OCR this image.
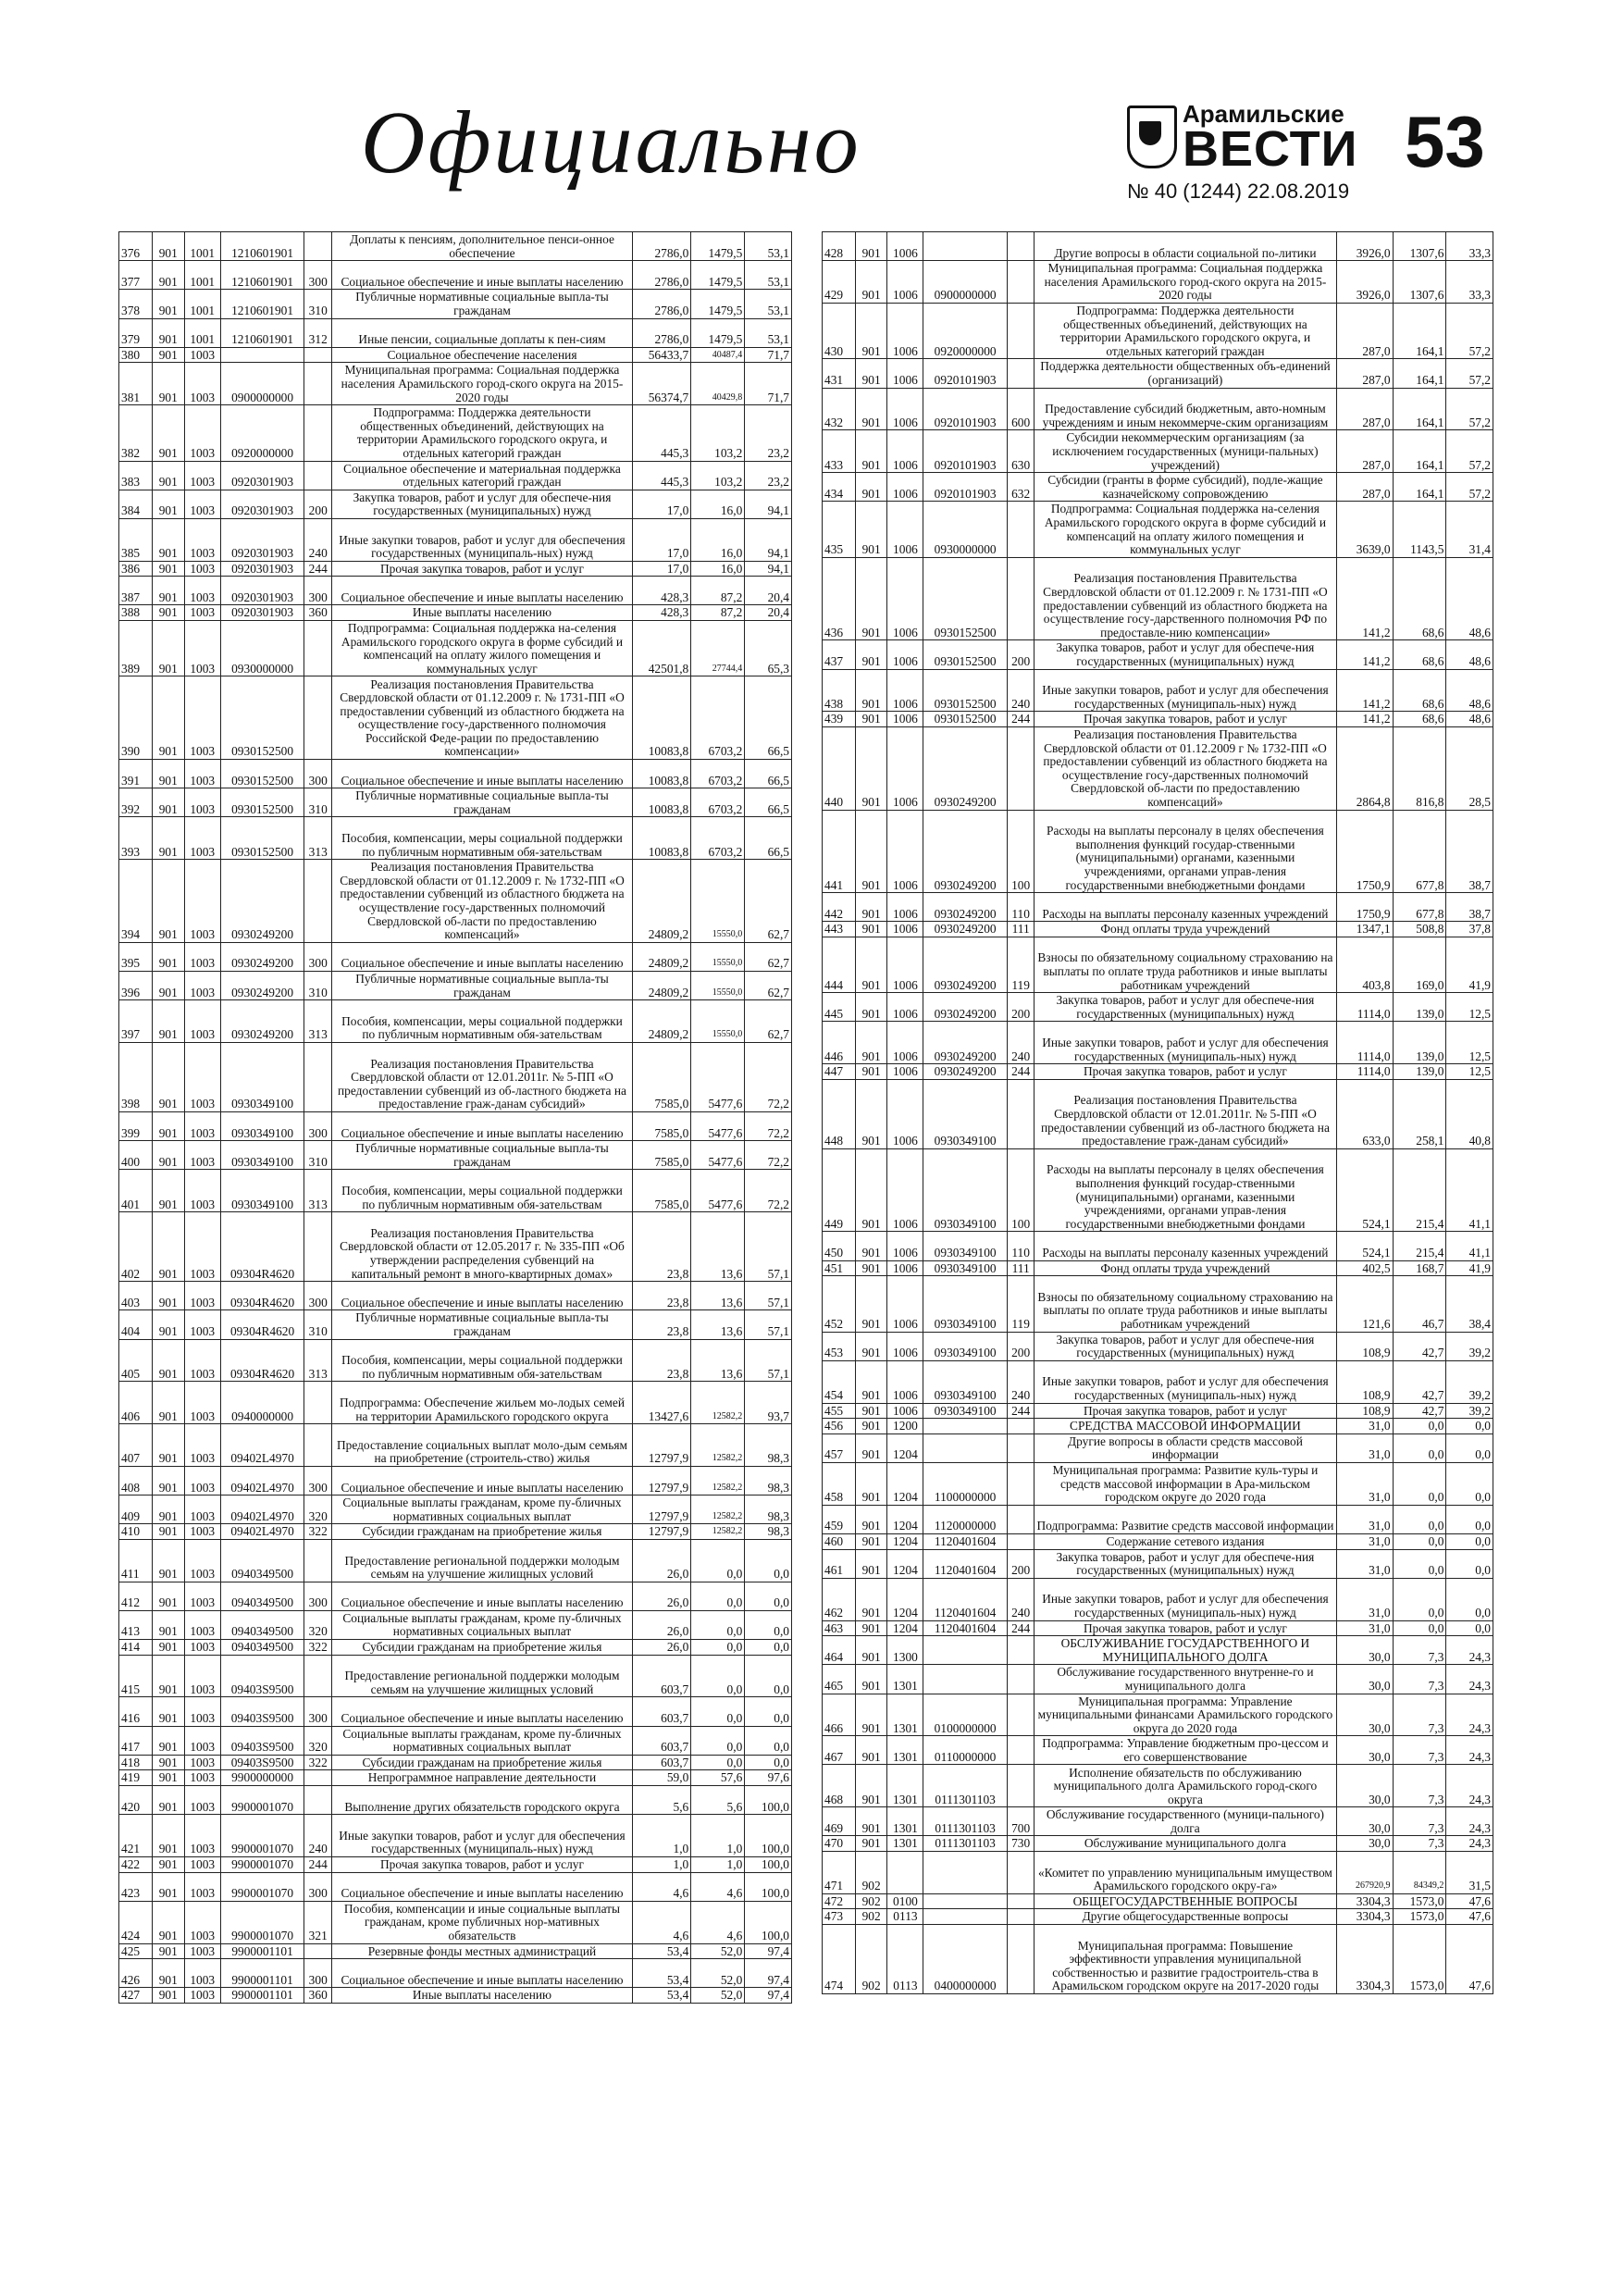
Официально	Арамильские
ВЕСТИ 53
№ 40 (1244) 22.08.2019
376	901	1001	1210601901		Доплаты к пенсиям, дополнительное пенси-онное обеспечение	2786,0	1479,5	53,1
377	901	1001	1210601901	300	Социальное обеспечение и иные выплаты населению	2786,0	1479,5	53,1
378	901	1001	1210601901	310	Публичные нормативные социальные выпла-ты гражданам	2786,0	1479,5	53,1
379	901	1001	1210601901	312	Иные пенсии, социальные доплаты к пен-сиям	2786,0	1479,5	53,1
380	901	1003			Социальное обеспечение населения	56433,7	40487,4	71,7
381	901	1003	0900000000		Муниципальная программа: Социальная поддержка населения Арамильского город-ского округа на 2015-2020 годы	56374,7	40429,8	71,7
382	901	1003	0920000000		Подпрограмма: Поддержка деятельности общественных объединений, действующих на территории Арамильского городского округа, и отдельных категорий граждан	445,3	103,2	23,2
383	901	1003	0920301903		Социальное обеспечение и материальная поддержка отдельных категорий граждан	445,3	103,2	23,2
384	901	1003	0920301903	200	Закупка товаров, работ и услуг для обеспече-ния государственных (муниципальных) нужд	17,0	16,0	94,1
385	901	1003	0920301903	240	Иные закупки товаров, работ и услуг для обеспечения государственных (муниципаль-ных) нужд	17,0	16,0	94,1
386	901	1003	0920301903	244	Прочая закупка товаров, работ и услуг	17,0	16,0	94,1
387	901	1003	0920301903	300	Социальное обеспечение и иные выплаты населению	428,3	87,2	20,4
388	901	1003	0920301903	360	Иные выплаты населению	428,3	87,2	20,4
389	901	1003	0930000000		Подпрограмма: Социальная поддержка на-селения Арамильского городского округа в форме субсидий и компенсаций на оплату жилого помещения и коммунальных услуг	42501,8	27744,4	65,3
390	901	1003	0930152500		Реализация постановления Правительства Свердловской области от 01.12.2009 г. № 1731-ПП «О предоставлении субвенций из областного бюджета на осуществление госу-дарственного полномочия Российской Феде-рации по предоставлению компенсации»	10083,8	6703,2	66,5
391	901	1003	0930152500	300	Социальное обеспечение и иные выплаты населению	10083,8	6703,2	66,5
392	901	1003	0930152500	310	Публичные нормативные социальные выпла-ты гражданам	10083,8	6703,2	66,5
393	901	1003	0930152500	313	Пособия, компенсации, меры социальной поддержки по публичным нормативным обя-зательствам	10083,8	6703,2	66,5
394	901	1003	0930249200		Реализация постановления Правительства Свердловской области от 01.12.2009 г. № 1732-ПП «О предоставлении субвенций из областного бюджета на осуществление госу-дарственных полномочий Свердловской об-ласти по предоставлению компенсаций»	24809,2	15550,0	62,7
395	901	1003	0930249200	300	Социальное обеспечение и иные выплаты населению	24809,2	15550,0	62,7
396	901	1003	0930249200	310	Публичные нормативные социальные выпла-ты гражданам	24809,2	15550,0	62,7
397	901	1003	0930249200	313	Пособия, компенсации, меры социальной поддержки по публичным нормативным обя-зательствам	24809,2	15550,0	62,7
398	901	1003	0930349100		Реализация постановления Правительства Свердловской области от 12.01.2011г. № 5-ПП «О предоставлении субвенций из об-ластного бюджета на предоставление граж-данам субсидий»	7585,0	5477,6	72,2
399	901	1003	0930349100	300	Социальное обеспечение и иные выплаты населению	7585,0	5477,6	72,2
400	901	1003	0930349100	310	Публичные нормативные социальные выпла-ты гражданам	7585,0	5477,6	72,2
401	901	1003	0930349100	313	Пособия, компенсации, меры социальной поддержки по публичным нормативным обя-зательствам	7585,0	5477,6	72,2
402	901	1003	09304R4620		Реализация постановления Правительства Свердловской области от 12.05.2017 г. № 335-ПП «Об утверждении распределения субвенций на капитальный ремонт в много-квартирных домах»	23,8	13,6	57,1
403	901	1003	09304R4620	300	Социальное обеспечение и иные выплаты населению	23,8	13,6	57,1
404	901	1003	09304R4620	310	Публичные нормативные социальные выпла-ты гражданам	23,8	13,6	57,1
405	901	1003	09304R4620	313	Пособия, компенсации, меры социальной поддержки по публичным нормативным обя-зательствам	23,8	13,6	57,1
406	901	1003	0940000000		Подпрограмма: Обеспечение жильем мо-лодых семей на территории Арамильского городского округа	13427,6	12582,2	93,7
407	901	1003	09402L4970		Предоставление социальных выплат моло-дым семьям на приобретение (строитель-ство) жилья	12797,9	12582,2	98,3
408	901	1003	09402L4970	300	Социальное обеспечение и иные выплаты населению	12797,9	12582,2	98,3
409	901	1003	09402L4970	320	Социальные выплаты гражданам, кроме пу-бличных нормативных социальных выплат	12797,9	12582,2	98,3
410	901	1003	09402L4970	322	Субсидии гражданам на приобретение жилья	12797,9	12582,2	98,3
411	901	1003	0940349500		Предоставление региональной поддержки молодым семьям на улучшение жилищных условий	26,0	0,0	0,0
412	901	1003	0940349500	300	Социальное обеспечение и иные выплаты населению	26,0	0,0	0,0
413	901	1003	0940349500	320	Социальные выплаты гражданам, кроме пу-бличных нормативных социальных выплат	26,0	0,0	0,0
414	901	1003	0940349500	322	Субсидии гражданам на приобретение жилья	26,0	0,0	0,0
415	901	1003	09403S9500		Предоставление региональной поддержки молодым семьям на улучшение жилищных условий	603,7	0,0	0,0
416	901	1003	09403S9500	300	Социальное обеспечение и иные выплаты населению	603,7	0,0	0,0
417	901	1003	09403S9500	320	Социальные выплаты гражданам, кроме пу-бличных нормативных социальных выплат	603,7	0,0	0,0
418	901	1003	09403S9500	322	Субсидии гражданам на приобретение жилья	603,7	0,0	0,0
419	901	1003	9900000000		Непрограммное направление деятельности	59,0	57,6	97,6
420	901	1003	9900001070		Выполнение других обязательств городского округа	5,6	5,6	100,0
421	901	1003	9900001070	240	Иные закупки товаров, работ и услуг для обеспечения государственных (муниципаль-ных) нужд	1,0	1,0	100,0
422	901	1003	9900001070	244	Прочая закупка товаров, работ и услуг	1,0	1,0	100,0
423	901	1003	9900001070	300	Социальное обеспечение и иные выплаты населению	4,6	4,6	100,0
424	901	1003	9900001070	321	Пособия, компенсации и иные социальные выплаты гражданам, кроме публичных нор-мативных обязательств	4,6	4,6	100,0
425	901	1003	9900001101		Резервные фонды местных администраций	53,4	52,0	97,4
426	901	1003	9900001101	300	Социальное обеспечение и иные выплаты населению	53,4	52,0	97,4
427	901	1003	9900001101	360	Иные выплаты населению	53,4	52,0	97,4
428	901	1006			Другие вопросы в области социальной по-литики	3926,0	1307,6	33,3
429	901	1006	0900000000		Муниципальная программа: Социальная поддержка населения Арамильского город-ского округа на 2015-2020 годы	3926,0	1307,6	33,3
430	901	1006	0920000000		Подпрограмма: Поддержка деятельности общественных объединений, действующих на территории Арамильского городского округа, и отдельных категорий граждан	287,0	164,1	57,2
431	901	1006	0920101903		Поддержка деятельности общественных объ-единений (организаций)	287,0	164,1	57,2
432	901	1006	0920101903	600	Предоставление субсидий бюджетным, авто-номным учреждениям и иным некоммерче-ским организациям	287,0	164,1	57,2
433	901	1006	0920101903	630	Субсидии некоммерческим организациям (за исключением государственных (муници-пальных) учреждений)	287,0	164,1	57,2
434	901	1006	0920101903	632	Субсидии (гранты в форме субсидий), подле-жащие казначейскому сопровождению	287,0	164,1	57,2
435	901	1006	0930000000		Подпрограмма: Социальная поддержка на-селения Арамильского городского округа в форме субсидий и компенсаций на оплату жилого помещения и коммунальных услуг	3639,0	1143,5	31,4
436	901	1006	0930152500		Реализация постановления Правительства Свердловской области от 01.12.2009 г. № 1731-ПП «О предоставлении субвенций из областного бюджета на осуществление госу-дарственного полномочия РФ по предоставле-нию компенсации»	141,2	68,6	48,6
437	901	1006	0930152500	200	Закупка товаров, работ и услуг для обеспече-ния государственных (муниципальных) нужд	141,2	68,6	48,6
438	901	1006	0930152500	240	Иные закупки товаров, работ и услуг для обеспечения государственных (муниципаль-ных) нужд	141,2	68,6	48,6
439	901	1006	0930152500	244	Прочая закупка товаров, работ и услуг	141,2	68,6	48,6
440	901	1006	0930249200		Реализация постановления Правительства Свердловской области от 01.12.2009 г № 1732-ПП «О предоставлении субвенций из областного бюджета на осуществление госу-дарственных полномочий Свердловской об-ласти по предоставлению компенсаций»	2864,8	816,8	28,5
441	901	1006	0930249200	100	Расходы на выплаты персоналу в целях обеспечения выполнения функций государ-ственными (муниципальными) органами, казенными учреждениями, органами управ-ления государственными внебюджетными фондами	1750,9	677,8	38,7
442	901	1006	0930249200	110	Расходы на выплаты персоналу казенных учреждений	1750,9	677,8	38,7
443	901	1006	0930249200	111	Фонд оплаты труда учреждений	1347,1	508,8	37,8
444	901	1006	0930249200	119	Взносы по обязательному социальному страхованию на выплаты по оплате труда работников и иные выплаты работникам учреждений	403,8	169,0	41,9
445	901	1006	0930249200	200	Закупка товаров, работ и услуг для обеспече-ния государственных (муниципальных) нужд	1114,0	139,0	12,5
446	901	1006	0930249200	240	Иные закупки товаров, работ и услуг для обеспечения государственных (муниципаль-ных) нужд	1114,0	139,0	12,5
447	901	1006	0930249200	244	Прочая закупка товаров, работ и услуг	1114,0	139,0	12,5
448	901	1006	0930349100		Реализация постановления Правительства Свердловской области от 12.01.2011г. № 5-ПП «О предоставлении субвенций из об-ластного бюджета на предоставление граж-данам субсидий»	633,0	258,1	40,8
449	901	1006	0930349100	100	Расходы на выплаты персоналу в целях обеспечения выполнения функций государ-ственными (муниципальными) органами, казенными учреждениями, органами управ-ления государственными внебюджетными фондами	524,1	215,4	41,1
450	901	1006	0930349100	110	Расходы на выплаты персоналу казенных учреждений	524,1	215,4	41,1
451	901	1006	0930349100	111	Фонд оплаты труда учреждений	402,5	168,7	41,9
452	901	1006	0930349100	119	Взносы по обязательному социальному страхованию на выплаты по оплате труда работников и иные выплаты работникам учреждений	121,6	46,7	38,4
453	901	1006	0930349100	200	Закупка товаров, работ и услуг для обеспече-ния государственных (муниципальных) нужд	108,9	42,7	39,2
454	901	1006	0930349100	240	Иные закупки товаров, работ и услуг для обеспечения государственных (муниципаль-ных) нужд	108,9	42,7	39,2
455	901	1006	0930349100	244	Прочая закупка товаров, работ и услуг	108,9	42,7	39,2
456	901	1200			СРЕДСТВА МАССОВОЙ ИНФОРМАЦИИ	31,0	0,0	0,0
457	901	1204			Другие вопросы в области средств массовой информации	31,0	0,0	0,0
458	901	1204	1100000000		Муниципальная программа: Развитие куль-туры и средств массовой информации в Ара-мильском городском округе до 2020 года	31,0	0,0	0,0
459	901	1204	1120000000		Подпрограмма: Развитие средств массовой информации	31,0	0,0	0,0
460	901	1204	1120401604		Содержание сетевого издания	31,0	0,0	0,0
461	901	1204	1120401604	200	Закупка товаров, работ и услуг для обеспече-ния государственных (муниципальных) нужд	31,0	0,0	0,0
462	901	1204	1120401604	240	Иные закупки товаров, работ и услуг для обеспечения государственных (муниципаль-ных) нужд	31,0	0,0	0,0
463	901	1204	1120401604	244	Прочая закупка товаров, работ и услуг	31,0	0,0	0,0
464	901	1300			ОБСЛУЖИВАНИЕ ГОСУДАРСТВЕННОГО И МУНИЦИПАЛЬНОГО ДОЛГА	30,0	7,3	24,3
465	901	1301			Обслуживание государственного внутренне-го и муниципального долга	30,0	7,3	24,3
466	901	1301	0100000000		Муниципальная программа: Управление муниципальными финансами Арамильского городского округа до 2020 года	30,0	7,3	24,3
467	901	1301	0110000000		Подпрограмма: Управление бюджетным про-цессом и его совершенствование	30,0	7,3	24,3
468	901	1301	0111301103		Исполнение обязательств по обслуживанию муниципального долга Арамильского город-ского округа	30,0	7,3	24,3
469	901	1301	0111301103	700	Обслуживание государственного (муници-пального) долга	30,0	7,3	24,3
470	901	1301	0111301103	730	Обслуживание муниципального долга	30,0	7,3	24,3
471	902				«Комитет по управлению муниципальным имуществом Арамильского городского окру-га»	267920,9	84349,2	31,5
472	902	0100			ОБЩЕГОСУДАРСТВЕННЫЕ ВОПРОСЫ	3304,3	1573,0	47,6
473	902	0113			Другие общегосударственные вопросы	3304,3	1573,0	47,6
474	902	0113	0400000000		Муниципальная программа: Повышение эффективности управления муниципальной собственностью и развитие градостроитель-ства в Арамильском городском округе на 2017-2020 годы	3304,3	1573,0	47,6
